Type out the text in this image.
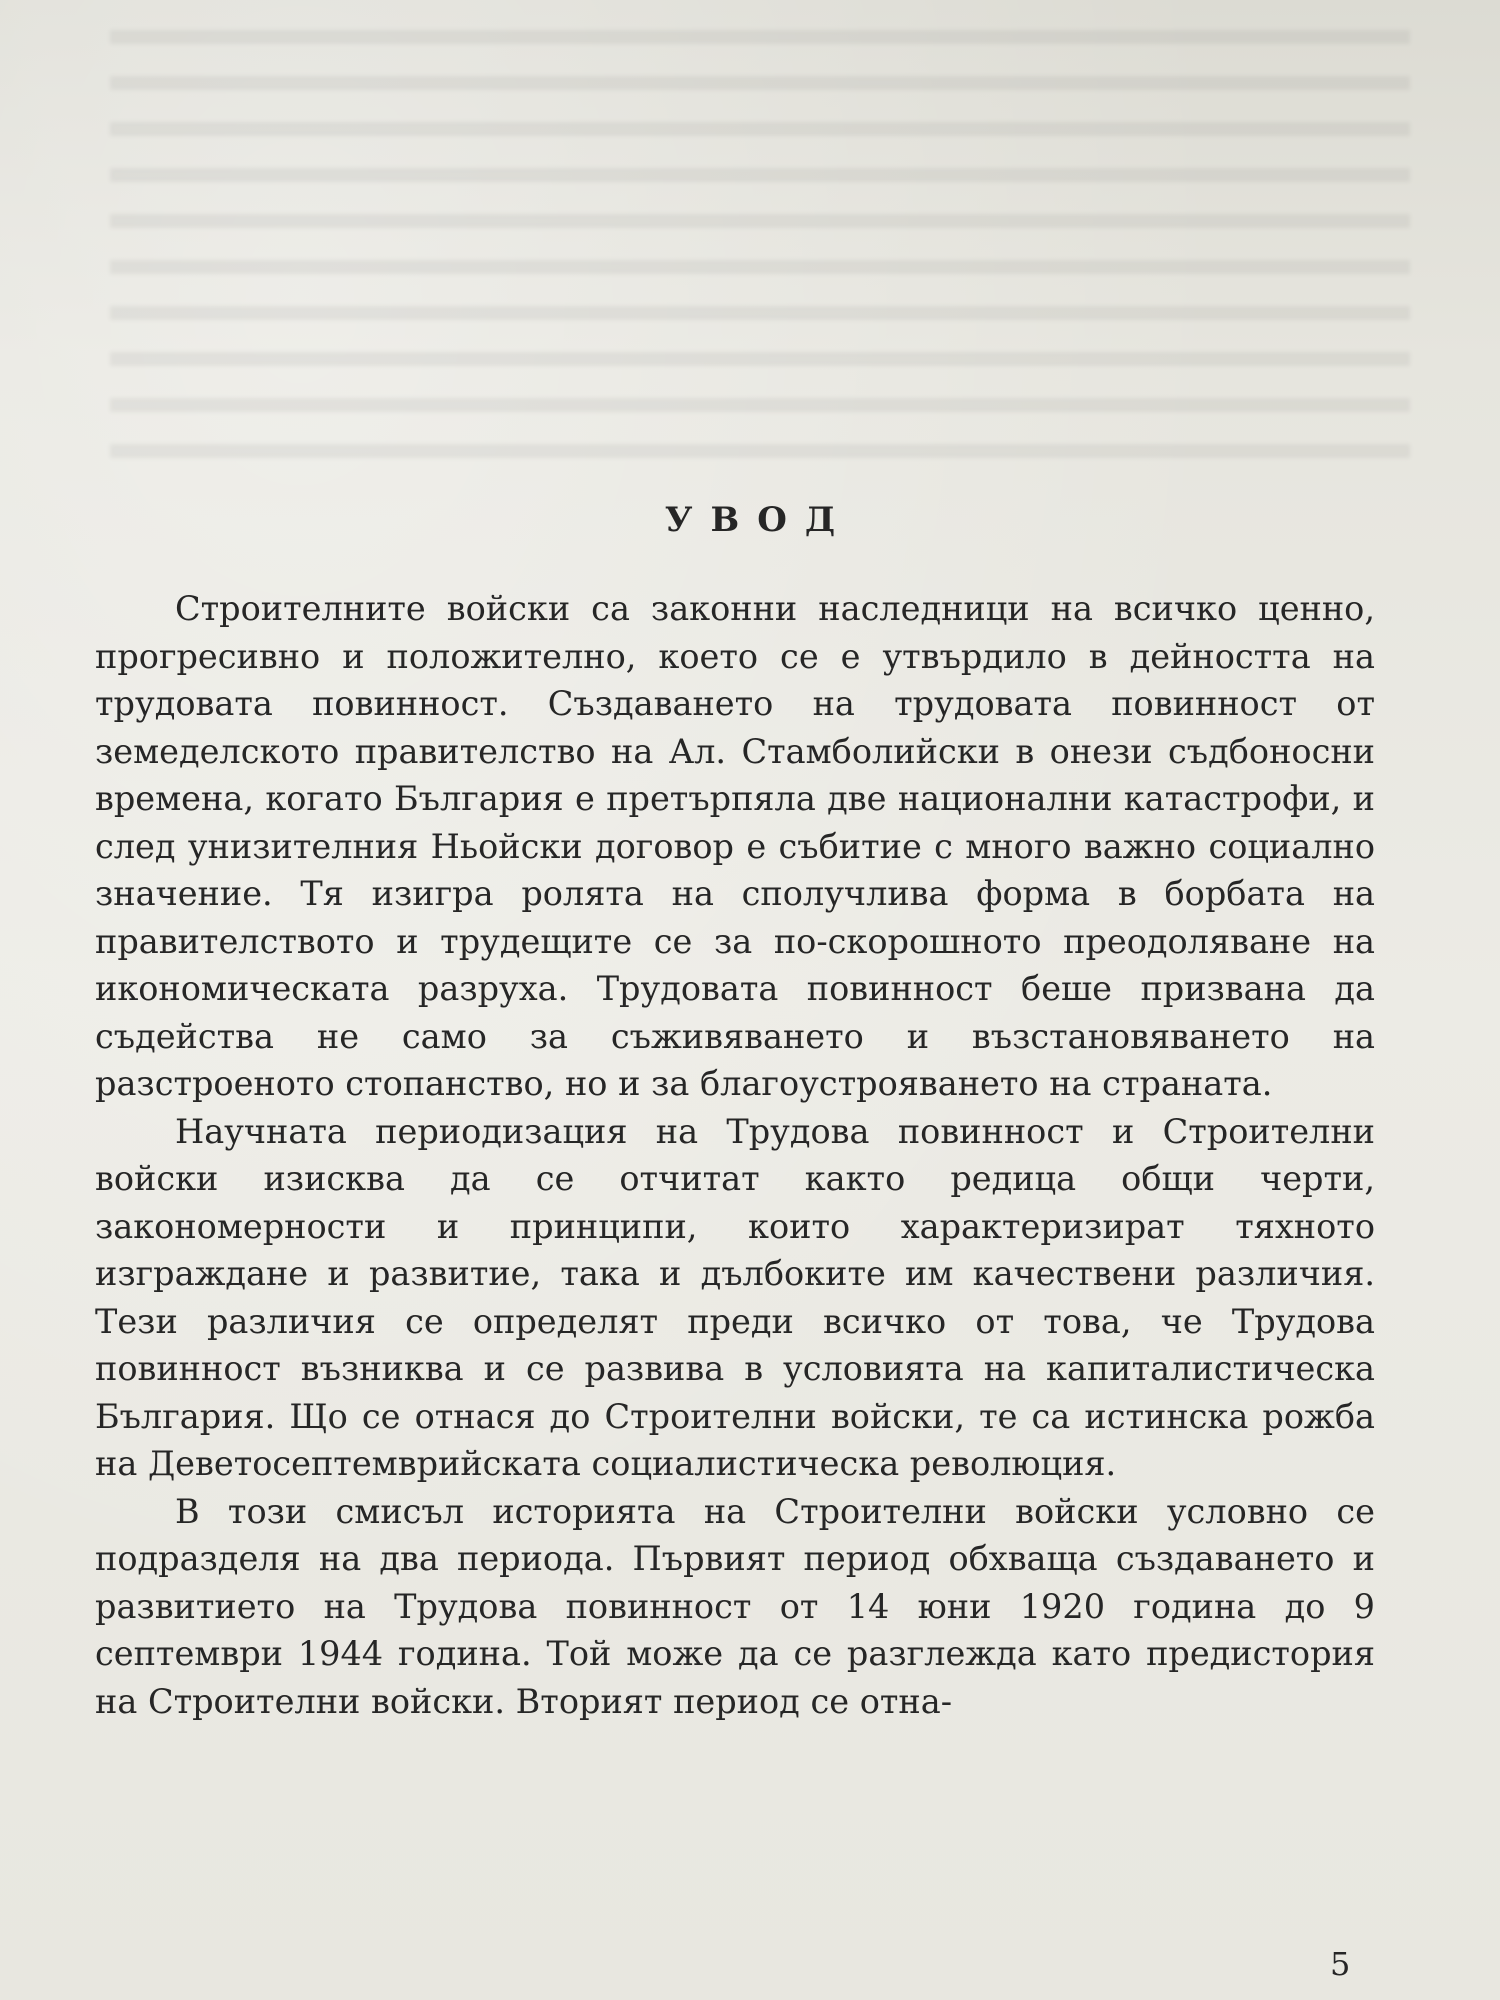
УВОД

Строителните войски са законни наследници на всичко ценно, прогресивно и положително, което се е утвърдило в дейността на трудовата повинност. Създаването на трудовата повинност от земеделското правителство на Ал. Стамболийски в онези съдбоносни времена, когато България е претърпяла две национални катастрофи, и след унизителния Ньойски договор е събитие с много важно социално значение. Тя изигра ролята на сполучлива форма в борбата на правителството и трудещите се за по-скорошното преодоляване на икономическата разруха. Трудовата повинност беше призвана да съдейства не само за съживяването и възстановяването на разстроеното стопанство, но и за благоустрояването на страната.

Научната периодизация на Трудова повинност и Строителни войски изисква да се отчитат както редица общи черти, закономерности и принципи, които характеризират тяхното изграждане и развитие, така и дълбоките им качествени различия. Тези различия се определят преди всичко от това, че Трудова повинност възниква и се развива в условията на капиталистическа България. Що се отнася до Строителни войски, те са истинска рожба на Деветосептемврийската социалистическа революция.

В този смисъл историята на Строителни войски условно се подразделя на два периода. Първият период обхваща създаването и развитието на Трудова повинност от 14 юни 1920 година до 9 септември 1944 година. Той може да се разглежда като предистория на Строителни войски. Вторият период се отна-

5
